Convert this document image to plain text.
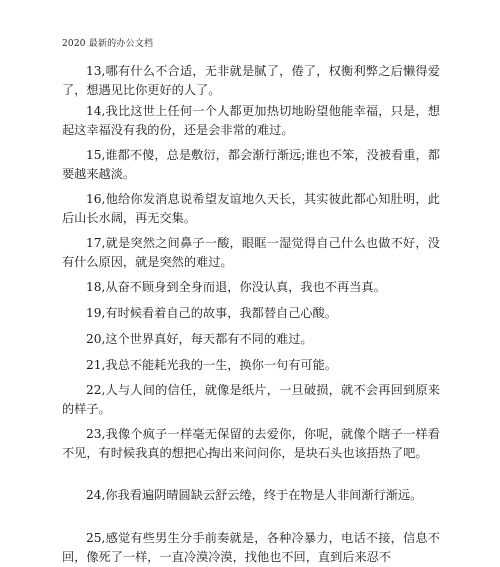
2020 最新的办公文档
13,哪有什么不合适，无非就是腻了，倦了，权衡利弊之后懒得爱了，想遇见比你更好的人了。
14,我比这世上任何一个人都更加热切地盼望他能幸福，只是，想起这幸福没有我的份，还是会非常的难过。
15,谁都不傻，总是敷衍，都会渐行渐远;谁也不笨，没被看重，都要越来越淡。
16,他给你发消息说希望友谊地久天长，其实彼此都心知肚明，此后山长水阔，再无交集。
17,就是突然之间鼻子一酸，眼眶一湿觉得自己什么也做不好，没有什么原因，就是突然的难过。
18,从奋不顾身到全身而退，你没认真，我也不再当真。
19,有时候看着自己的故事，我都替自己心酸。
20,这个世界真好，每天都有不同的难过。
21,我总不能耗光我的一生，换你一句有可能。
22,人与人间的信任，就像是纸片，一旦破损，就不会再回到原来的样子。
23,我像个疯子一样毫无保留的去爱你，你呢，就像个瞎子一样看不见，有时候我真的想把心掏出来问问你，是块石头也该捂热了吧。
24,你我看遍阴晴圆缺云舒云绻，终于在物是人非间渐行渐远。
25,感觉有些男生分手前奏就是，各种冷暴力，电话不接，信息不回，像死了一样，一直冷漠冷漠，找他也不回，直到后来忍不
